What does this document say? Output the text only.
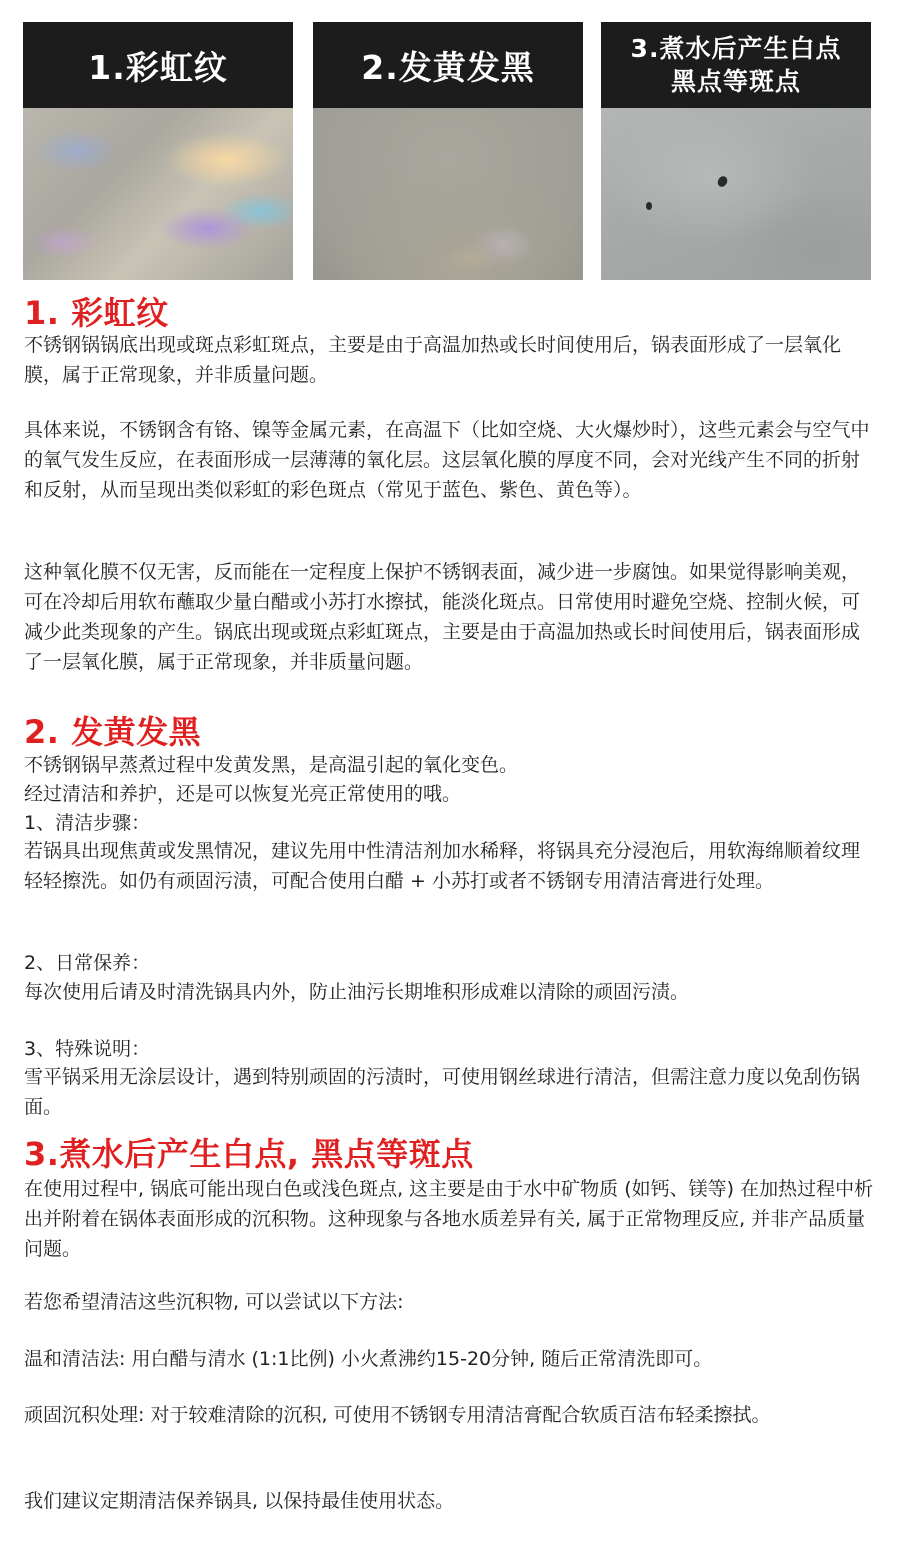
1.彩虹纹	2.发黄发黑	3.煮水后产生白点
黑点等斑点
1. 彩虹纹
不锈钢锅锅底出现或斑点彩虹斑点，主要是由于高温加热或长时间使用后，锅表面形成了一层氧化膜，属于正常现象，并非质量问题。
具体来说，不锈钢含有铬、镍等金属元素，在高温下（比如空烧、大火爆炒时），这些元素会与空气中的氧气发生反应，在表面形成一层薄薄的氧化层。这层氧化膜的厚度不同，会对光线产生不同的折射和反射，从而呈现出类似彩虹的彩色斑点（常见于蓝色、紫色、黄色等）。
这种氧化膜不仅无害，反而能在一定程度上保护不锈钢表面，减少进一步腐蚀。如果觉得影响美观，可在冷却后用软布蘸取少量白醋或小苏打水擦拭，能淡化斑点。日常使用时避免空烧、控制火候，可减少此类现象的产生。锅底出现或斑点彩虹斑点，主要是由于高温加热或长时间使用后，锅表面形成了一层氧化膜，属于正常现象，并非质量问题。
2. 发黄发黑
不锈钢锅早蒸煮过程中发黄发黑，是高温引起的氧化变色。
经过清洁和养护，还是可以恢复光亮正常使用的哦。
1、清洁步骤：
若锅具出现焦黄或发黑情况，建议先用中性清洁剂加水稀释，将锅具充分浸泡后，用软海绵顺着纹理轻轻擦洗。如仍有顽固污渍，可配合使用白醋 + 小苏打或者不锈钢专用清洁膏进行处理。
2、日常保养：
每次使用后请及时清洗锅具内外，防止油污长期堆积形成难以清除的顽固污渍。
3、特殊说明：
雪平锅采用无涂层设计，遇到特别顽固的污渍时，可使用钢丝球进行清洁，但需注意力度以免刮伤锅面。
3.煮水后产生白点, 黑点等斑点
在使用过程中, 锅底可能出现白色或浅色斑点, 这主要是由于水中矿物质 (如钙、镁等) 在加热过程中析出并附着在锅体表面形成的沉积物。这种现象与各地水质差异有关, 属于正常物理反应, 并非产品质量问题。
若您希望清洁这些沉积物, 可以尝试以下方法:
温和清洁法: 用白醋与清水 (1:1比例) 小火煮沸约15-20分钟, 随后正常清洗即可。
顽固沉积处理: 对于较难清除的沉积, 可使用不锈钢专用清洁膏配合软质百洁布轻柔擦拭。
我们建议定期清洁保养锅具, 以保持最佳使用状态。
